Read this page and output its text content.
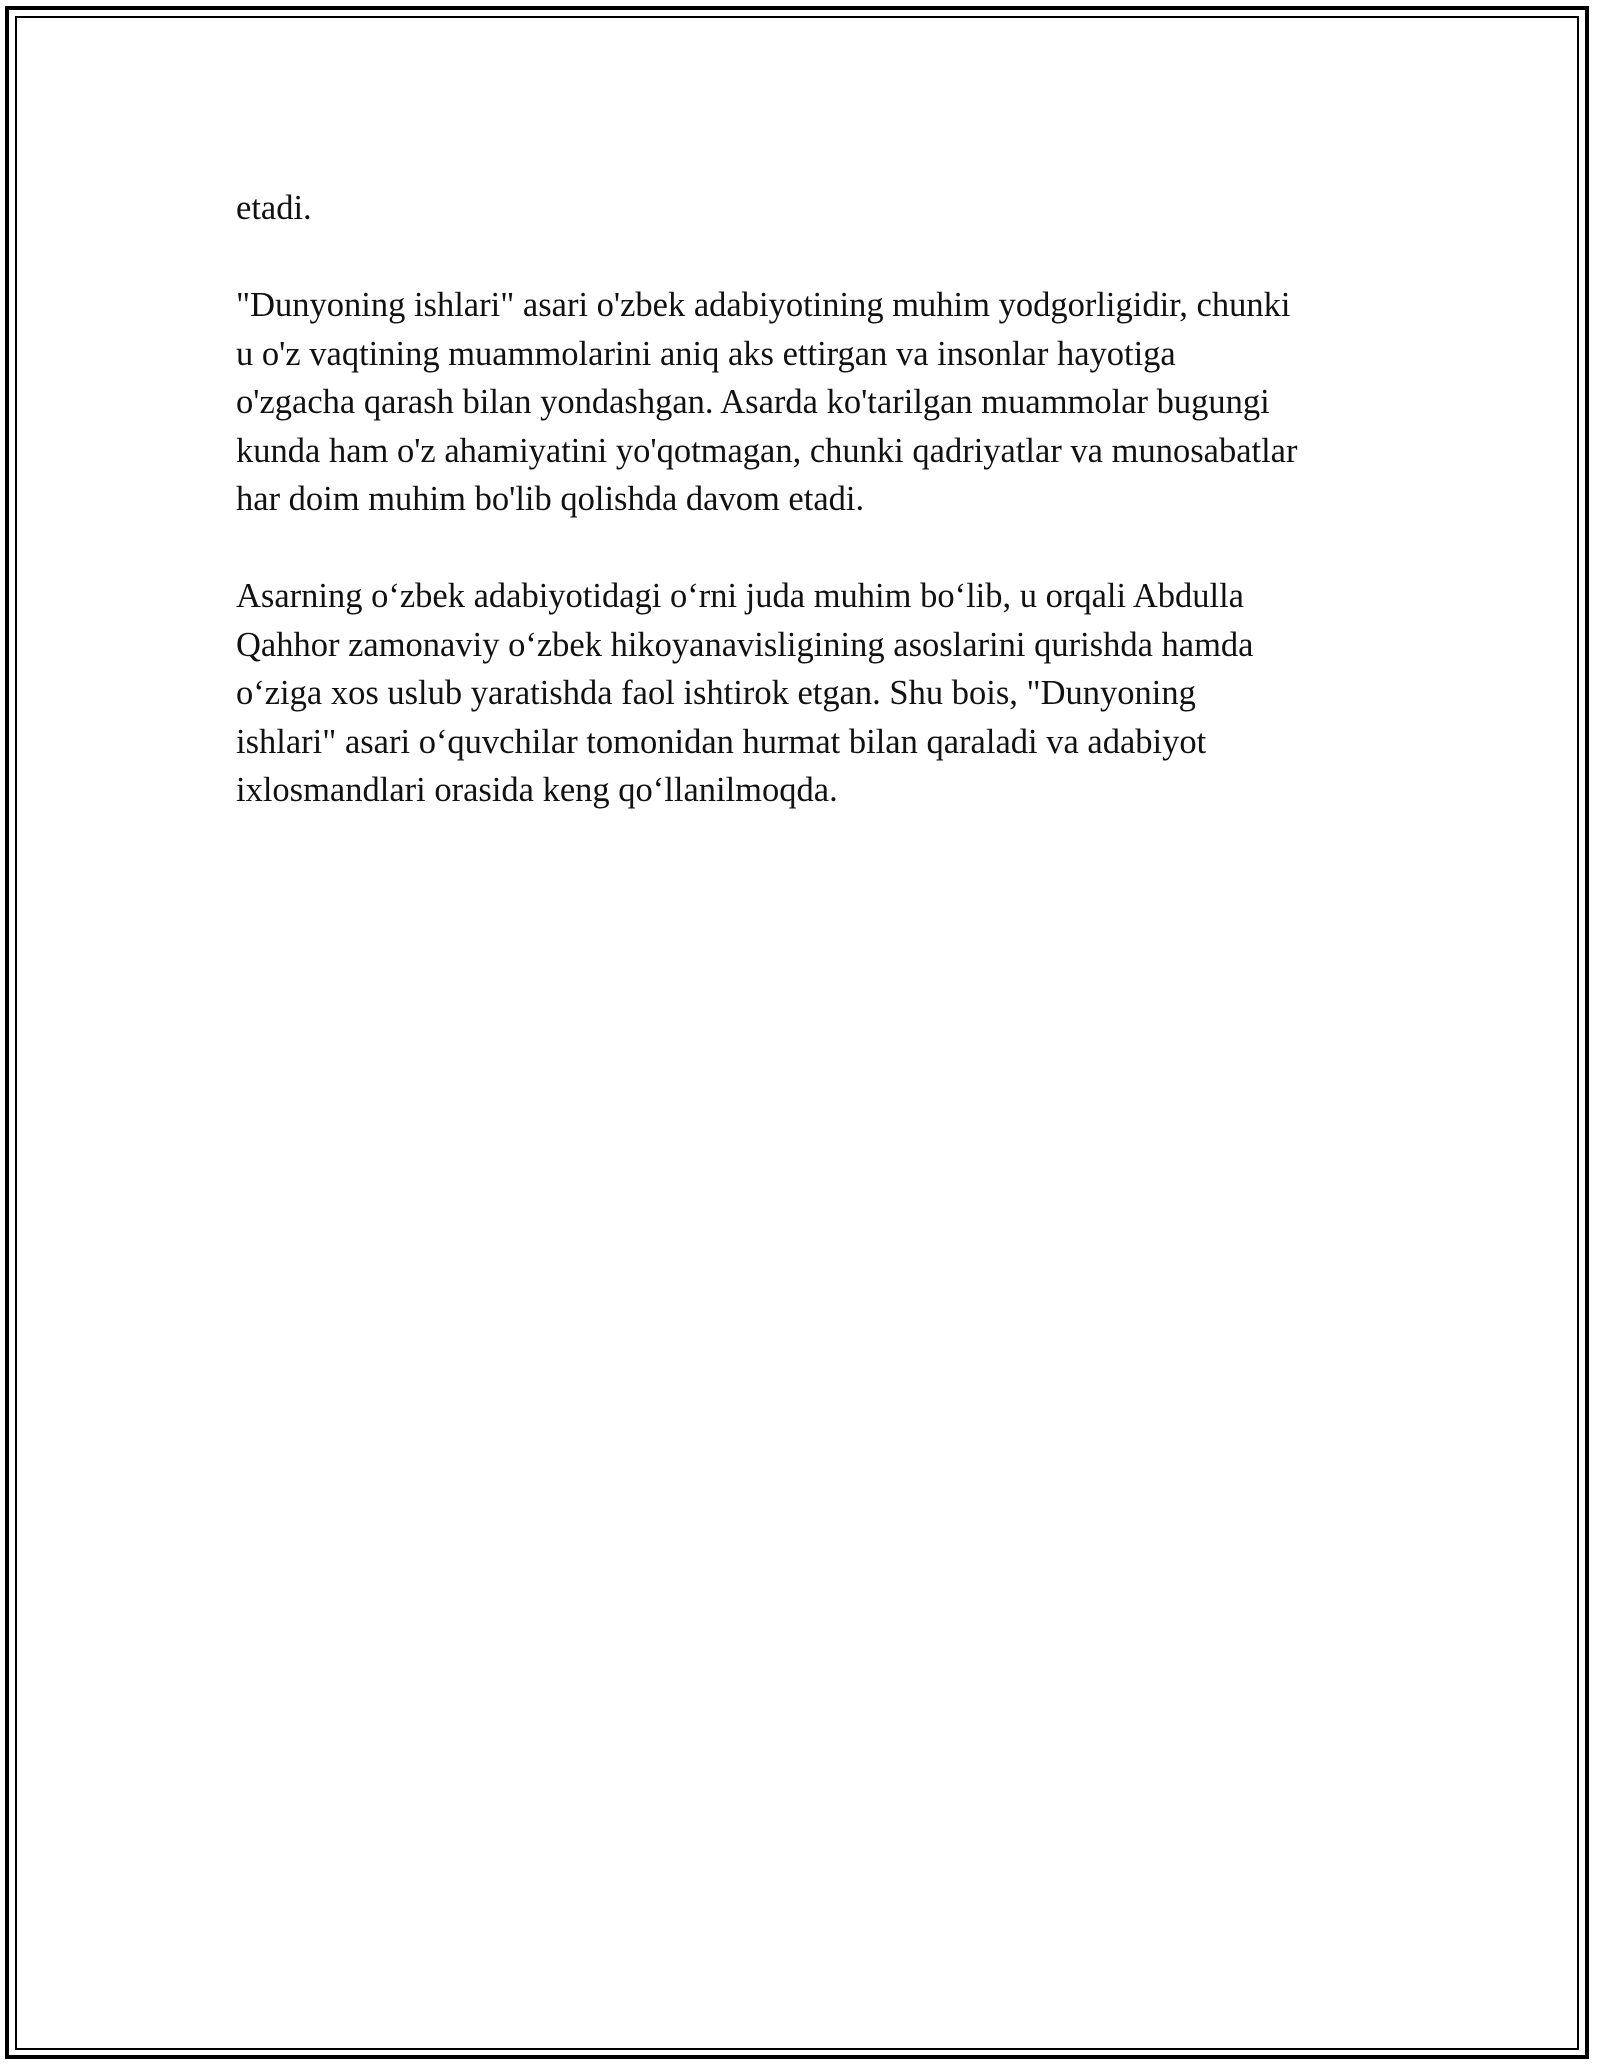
etadi.

"Dunyoning ishlari" asari o'zbek adabiyotining muhim yodgorligidir, chunki
u o'z vaqtining muammolarini aniq aks ettirgan va insonlar hayotiga
o'zgacha qarash bilan yondashgan. Asarda ko'tarilgan muammolar bugungi
kunda ham o'z ahamiyatini yo'qotmagan, chunki qadriyatlar va munosabatlar
har doim muhim bo'lib qolishda davom etadi.

Asarning o‘zbek adabiyotidagi o‘rni juda muhim bo‘lib, u orqali Abdulla
Qahhor zamonaviy o‘zbek hikoyanavisligining asoslarini qurishda hamda
o‘ziga xos uslub yaratishda faol ishtirok etgan. Shu bois, "Dunyoning
ishlari" asari o‘quvchilar tomonidan hurmat bilan qaraladi va adabiyot
ixlosmandlari orasida keng qo‘llanilmoqda.
